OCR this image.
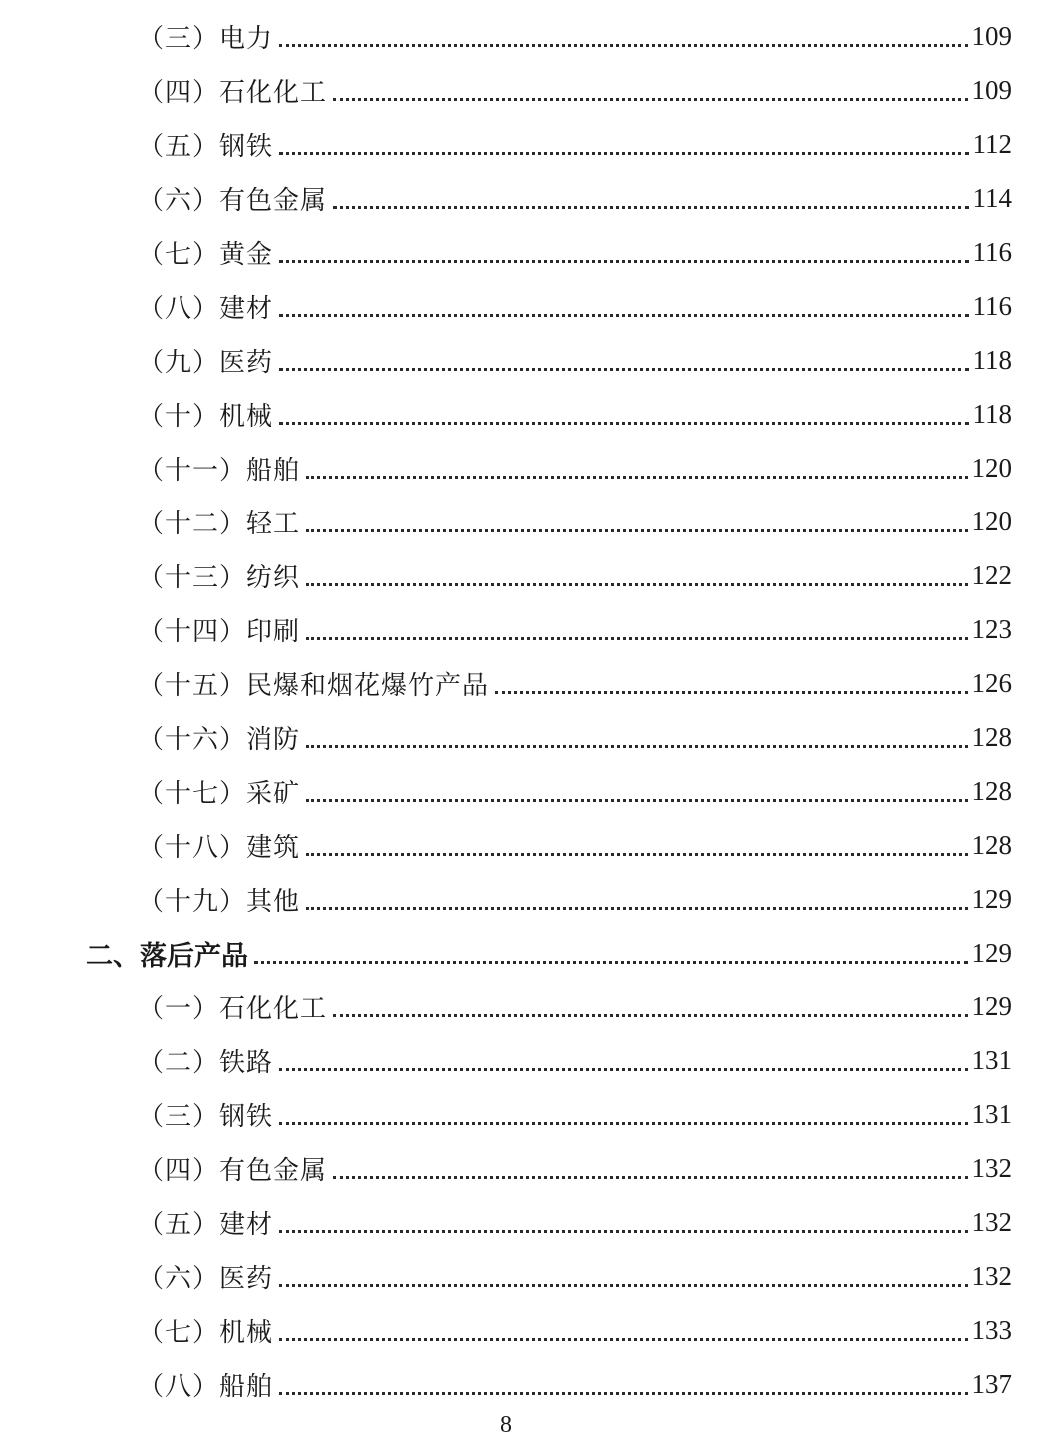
（三）电力	109
（四）石化化工	109
（五）钢铁	112
（六）有色金属	114
（七）黄金	116
（八）建材	116
（九）医药	118
（十）机械	118
（十一）船舶	120
（十二）轻工	120
（十三）纺织	122
（十四）印刷	123
（十五）民爆和烟花爆竹产品	126
（十六）消防	128
（十七）采矿	128
（十八）建筑	128
（十九）其他	129
二、落后产品	129
（一）石化化工	129
（二）铁路	131
（三）钢铁	131
（四）有色金属	132
（五）建材	132
（六）医药	132
（七）机械	133
（八）船舶	137
8
